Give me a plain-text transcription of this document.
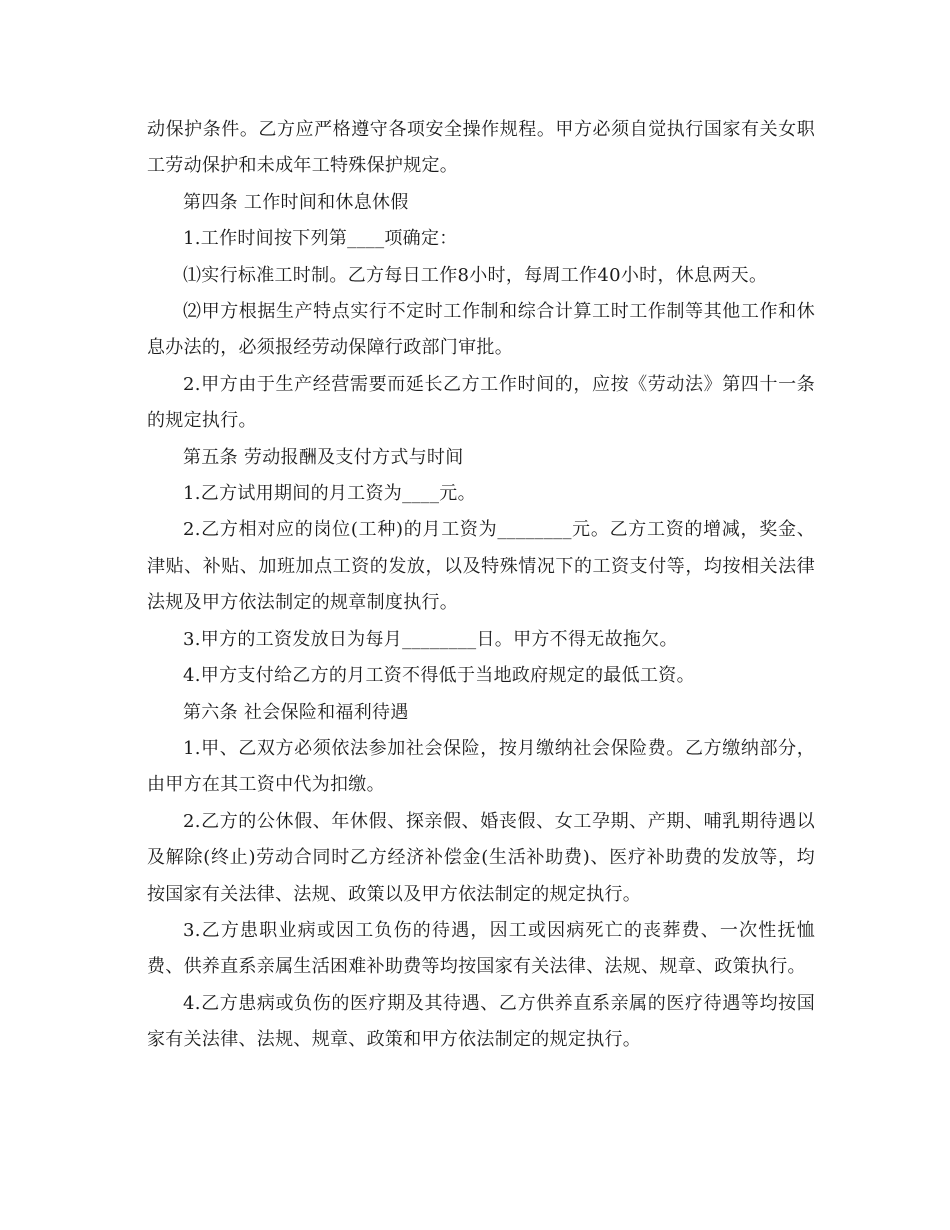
动保护条件。乙方应严格遵守各项安全操作规程。甲方必须自觉执行国家有关女职工劳动保护和未成年工特殊保护规定。

第四条 工作时间和休息休假

1.工作时间按下列第____项确定：

⑴实行标准工时制。乙方每日工作8小时，每周工作40小时，休息两天。

⑵甲方根据生产特点实行不定时工作制和综合计算工时工作制等其他工作和休息办法的，必须报经劳动保障行政部门审批。

2.甲方由于生产经营需要而延长乙方工作时间的，应按《劳动法》第四十一条的规定执行。

第五条 劳动报酬及支付方式与时间

1.乙方试用期间的月工资为____元。

2.乙方相对应的岗位(工种)的月工资为________元。乙方工资的增减，奖金、津贴、补贴、加班加点工资的发放，以及特殊情况下的工资支付等，均按相关法律法规及甲方依法制定的规章制度执行。

3.甲方的工资发放日为每月________日。甲方不得无故拖欠。

4.甲方支付给乙方的月工资不得低于当地政府规定的最低工资。

第六条 社会保险和福利待遇

1.甲、乙双方必须依法参加社会保险，按月缴纳社会保险费。乙方缴纳部分，由甲方在其工资中代为扣缴。

2.乙方的公休假、年休假、探亲假、婚丧假、女工孕期、产期、哺乳期待遇以及解除(终止)劳动合同时乙方经济补偿金(生活补助费)、医疗补助费的发放等，均按国家有关法律、法规、政策以及甲方依法制定的规定执行。

3.乙方患职业病或因工负伤的待遇，因工或因病死亡的丧葬费、一次性抚恤费、供养直系亲属生活困难补助费等均按国家有关法律、法规、规章、政策执行。

4.乙方患病或负伤的医疗期及其待遇、乙方供养直系亲属的医疗待遇等均按国家有关法律、法规、规章、政策和甲方依法制定的规定执行。
